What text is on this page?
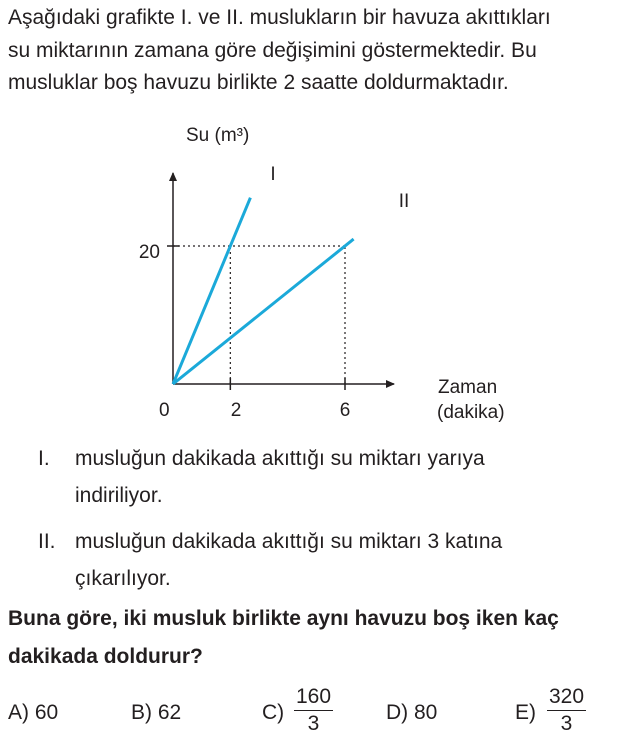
Aşağıdaki grafikte I. ve II. muslukların bir havuza akıttıkları
su miktarının zamana göre değişimini göstermektedir. Bu
musluklar boş havuzu birlikte 2 saatte doldurmaktadır.
Su (m³)
Zaman
(dakika)
0	2	6
20
I
II
I. musluğun dakikada akıttığı su miktarı yarıya
indiriliyor.
II. musluğun dakikada akıttığı su miktarı 3 katına
çıkarılıyor.
Buna göre, iki musluk birlikte aynı havuzu boş iken kaç
dakikada doldurur?
A) 60	B) 62	$C) \frac{160}{3}$	D) 80	$E) \frac{320}{3}$
